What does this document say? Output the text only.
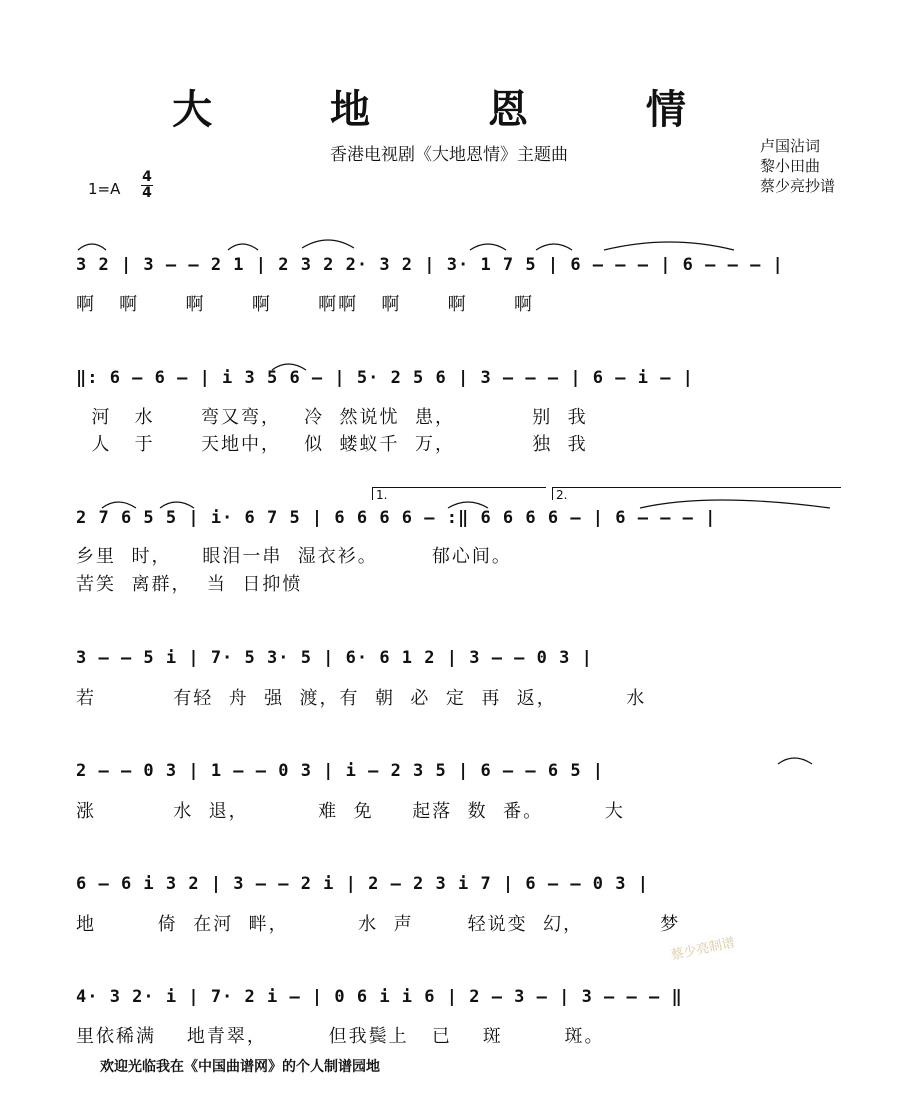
大 地 恩 情
香港电视剧《大地恩情》主题曲	卢国沾词
黎小田曲
蔡少亮抄谱
1=A
4
4
3 2 | 3 — — 2 1 | 2 3 2 2· 3 2 | 3· 1 7 5 | 6 — — — | 6 — — — |
啊   啊      啊      啊      啊啊   啊      啊      啊
‖: 6 — 6 — | i 3 5 6 — | 5· 2 5 6 | 3 — — — | 6 — i — |
河   水      弯又弯，   冷  然说忧  患，          别  我
人   于      天地中，   似  蝼蚁千  万，          独  我
1.	2.
2 7 6 5 5 | i· 6 7 5 | 6 6 6 6 — :‖ 6 6 6 6 — | 6 — — — |
乡里  时，    眼泪一串  湿衣衫。       郁心间。
苦笑  离群，  当  日抑愤
3 — — 5 i | 7· 5 3· 5 | 6· 6 1 2 | 3 — — 0 3 |
若          有轻  舟  强  渡，有  朝  必  定  再  返，         水
2 — — 0 3 | 1 — — 0 3 | i — 2 3 5 | 6 — — 6 5 |
涨          水  退，         难  免     起落  数  番。        大
6 — 6 i 3 2 | 3 — — 2 i | 2 — 2 3 i 7 | 6 — — 0 3 |
地        倚  在河  畔，         水  声       轻说变  幻，          梦
4· 3 2· i | 7· 2 i — | 0 6 i i 6 | 2 — 3 — | 3 — — — ‖
里依稀满    地青翠，        但我鬓上   已    斑        斑。
蔡少亮制谱
欢迎光临我在《中国曲谱网》的个人制谱园地
